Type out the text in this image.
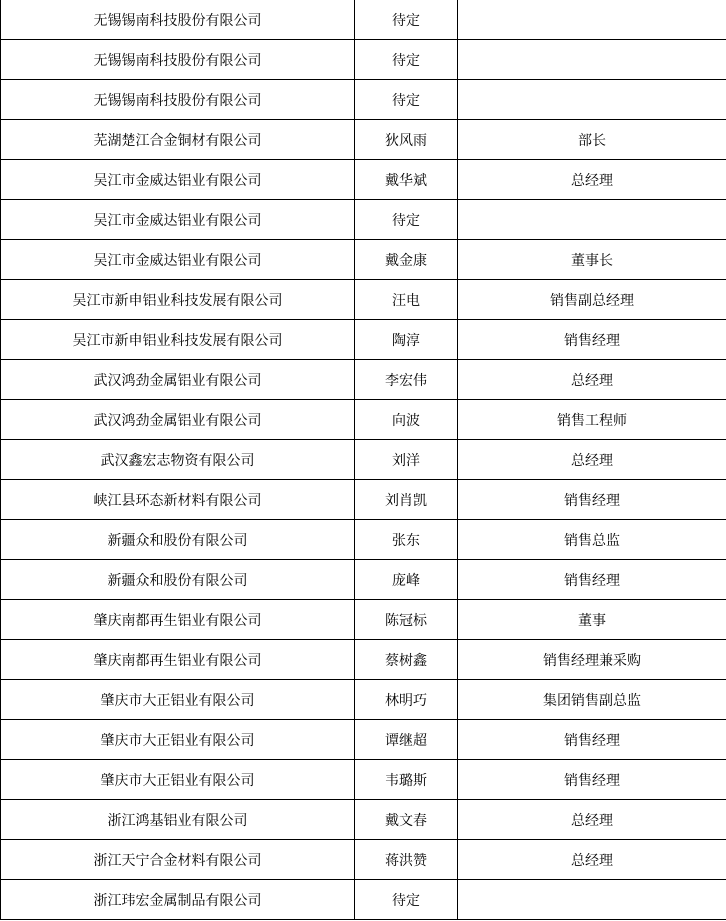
无锡锡南科技股份有限公司	待定	
无锡锡南科技股份有限公司	待定	
无锡锡南科技股份有限公司	待定	
芜湖楚江合金铜材有限公司	狄风雨	部长
吴江市金威达铝业有限公司	戴华斌	总经理
吴江市金威达铝业有限公司	待定	
吴江市金威达铝业有限公司	戴金康	董事长
吴江市新申铝业科技发展有限公司	汪电	销售副总经理
吴江市新申铝业科技发展有限公司	陶淳	销售经理
武汉鸿劲金属铝业有限公司	李宏伟	总经理
武汉鸿劲金属铝业有限公司	向波	销售工程师
武汉鑫宏志物资有限公司	刘洋	总经理
峡江县环态新材料有限公司	刘肖凯	销售经理
新疆众和股份有限公司	张东	销售总监
新疆众和股份有限公司	庞峰	销售经理
肇庆南都再生铝业有限公司	陈冠标	董事
肇庆南都再生铝业有限公司	蔡树鑫	销售经理兼采购
肇庆市大正铝业有限公司	林明巧	集团销售副总监
肇庆市大正铝业有限公司	谭继超	销售经理
肇庆市大正铝业有限公司	韦璐斯	销售经理
浙江鸿基铝业有限公司	戴文春	总经理
浙江天宁合金材料有限公司	蒋洪赞	总经理
浙江玮宏金属制品有限公司	待定	
